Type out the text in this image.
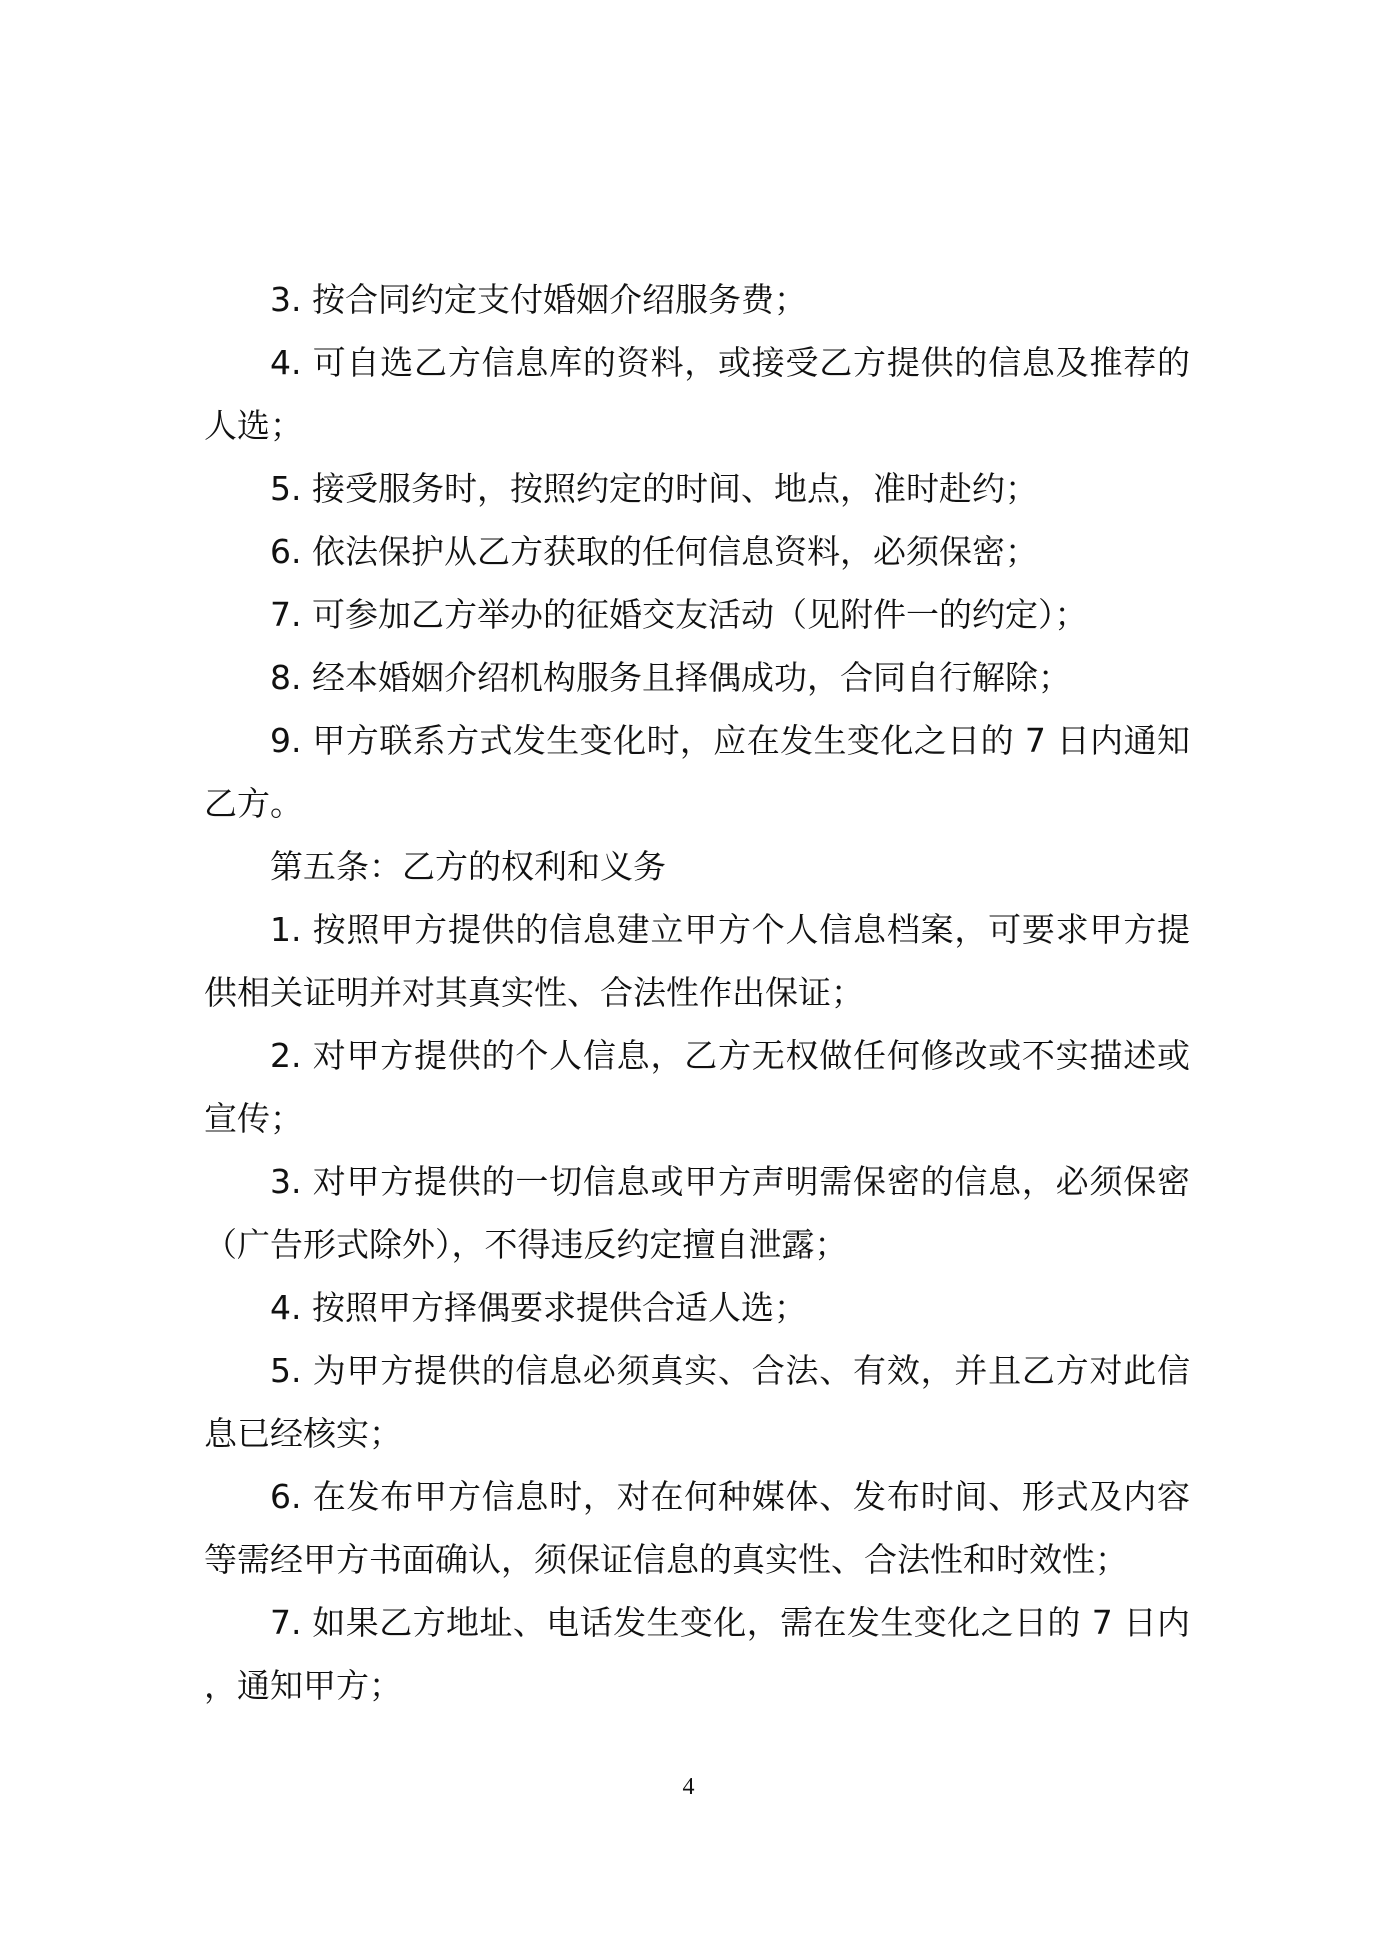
3. 按合同约定支付婚姻介绍服务费；

4. 可自选乙方信息库的资料，或接受乙方提供的信息及推荐的人选；

5. 接受服务时，按照约定的时间、地点，准时赴约；

6. 依法保护从乙方获取的任何信息资料，必须保密；

7. 可参加乙方举办的征婚交友活动（见附件一的约定）；

8. 经本婚姻介绍机构服务且择偶成功，合同自行解除；

9. 甲方联系方式发生变化时，应在发生变化之日的 7 日内通知乙方。

第五条：乙方的权利和义务

1. 按照甲方提供的信息建立甲方个人信息档案，可要求甲方提供相关证明并对其真实性、合法性作出保证；

2. 对甲方提供的个人信息，乙方无权做任何修改或不实描述或宣传；

3. 对甲方提供的一切信息或甲方声明需保密的信息，必须保密（广告形式除外），不得违反约定擅自泄露；

4. 按照甲方择偶要求提供合适人选；

5. 为甲方提供的信息必须真实、合法、有效，并且乙方对此信息已经核实；

6. 在发布甲方信息时，对在何种媒体、发布时间、形式及内容等需经甲方书面确认，须保证信息的真实性、合法性和时效性；

7. 如果乙方地址、电话发生变化，需在发生变化之日的 7 日内，通知甲方；

4
